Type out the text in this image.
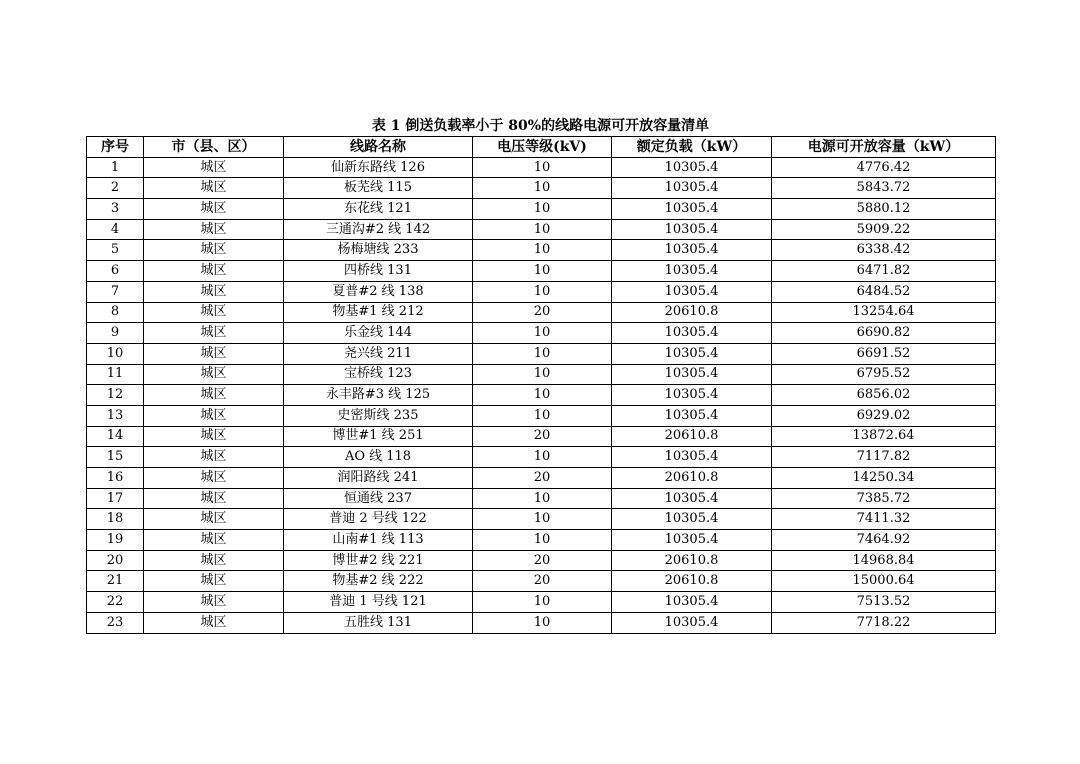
表 1 倒送负载率小于 80%的线路电源可开放容量清单
序号	市（县、区）	线路名称	电压等级(kV)	额定负载（kW）	电源可开放容量（kW）
1	城区	仙新东路线 126	10	10305.4	4776.42
2	城区	板芜线 115	10	10305.4	5843.72
3	城区	东花线 121	10	10305.4	5880.12
4	城区	三通沟#2 线 142	10	10305.4	5909.22
5	城区	杨梅塘线 233	10	10305.4	6338.42
6	城区	四桥线 131	10	10305.4	6471.82
7	城区	夏普#2 线 138	10	10305.4	6484.52
8	城区	物基#1 线 212	20	20610.8	13254.64
9	城区	乐金线 144	10	10305.4	6690.82
10	城区	尧兴线 211	10	10305.4	6691.52
11	城区	宝桥线 123	10	10305.4	6795.52
12	城区	永丰路#3 线 125	10	10305.4	6856.02
13	城区	史密斯线 235	10	10305.4	6929.02
14	城区	博世#1 线 251	20	20610.8	13872.64
15	城区	AO 线 118	10	10305.4	7117.82
16	城区	润阳路线 241	20	20610.8	14250.34
17	城区	恒通线 237	10	10305.4	7385.72
18	城区	普迪 2 号线 122	10	10305.4	7411.32
19	城区	山南#1 线 113	10	10305.4	7464.92
20	城区	博世#2 线 221	20	20610.8	14968.84
21	城区	物基#2 线 222	20	20610.8	15000.64
22	城区	普迪 1 号线 121	10	10305.4	7513.52
23	城区	五胜线 131	10	10305.4	7718.22
